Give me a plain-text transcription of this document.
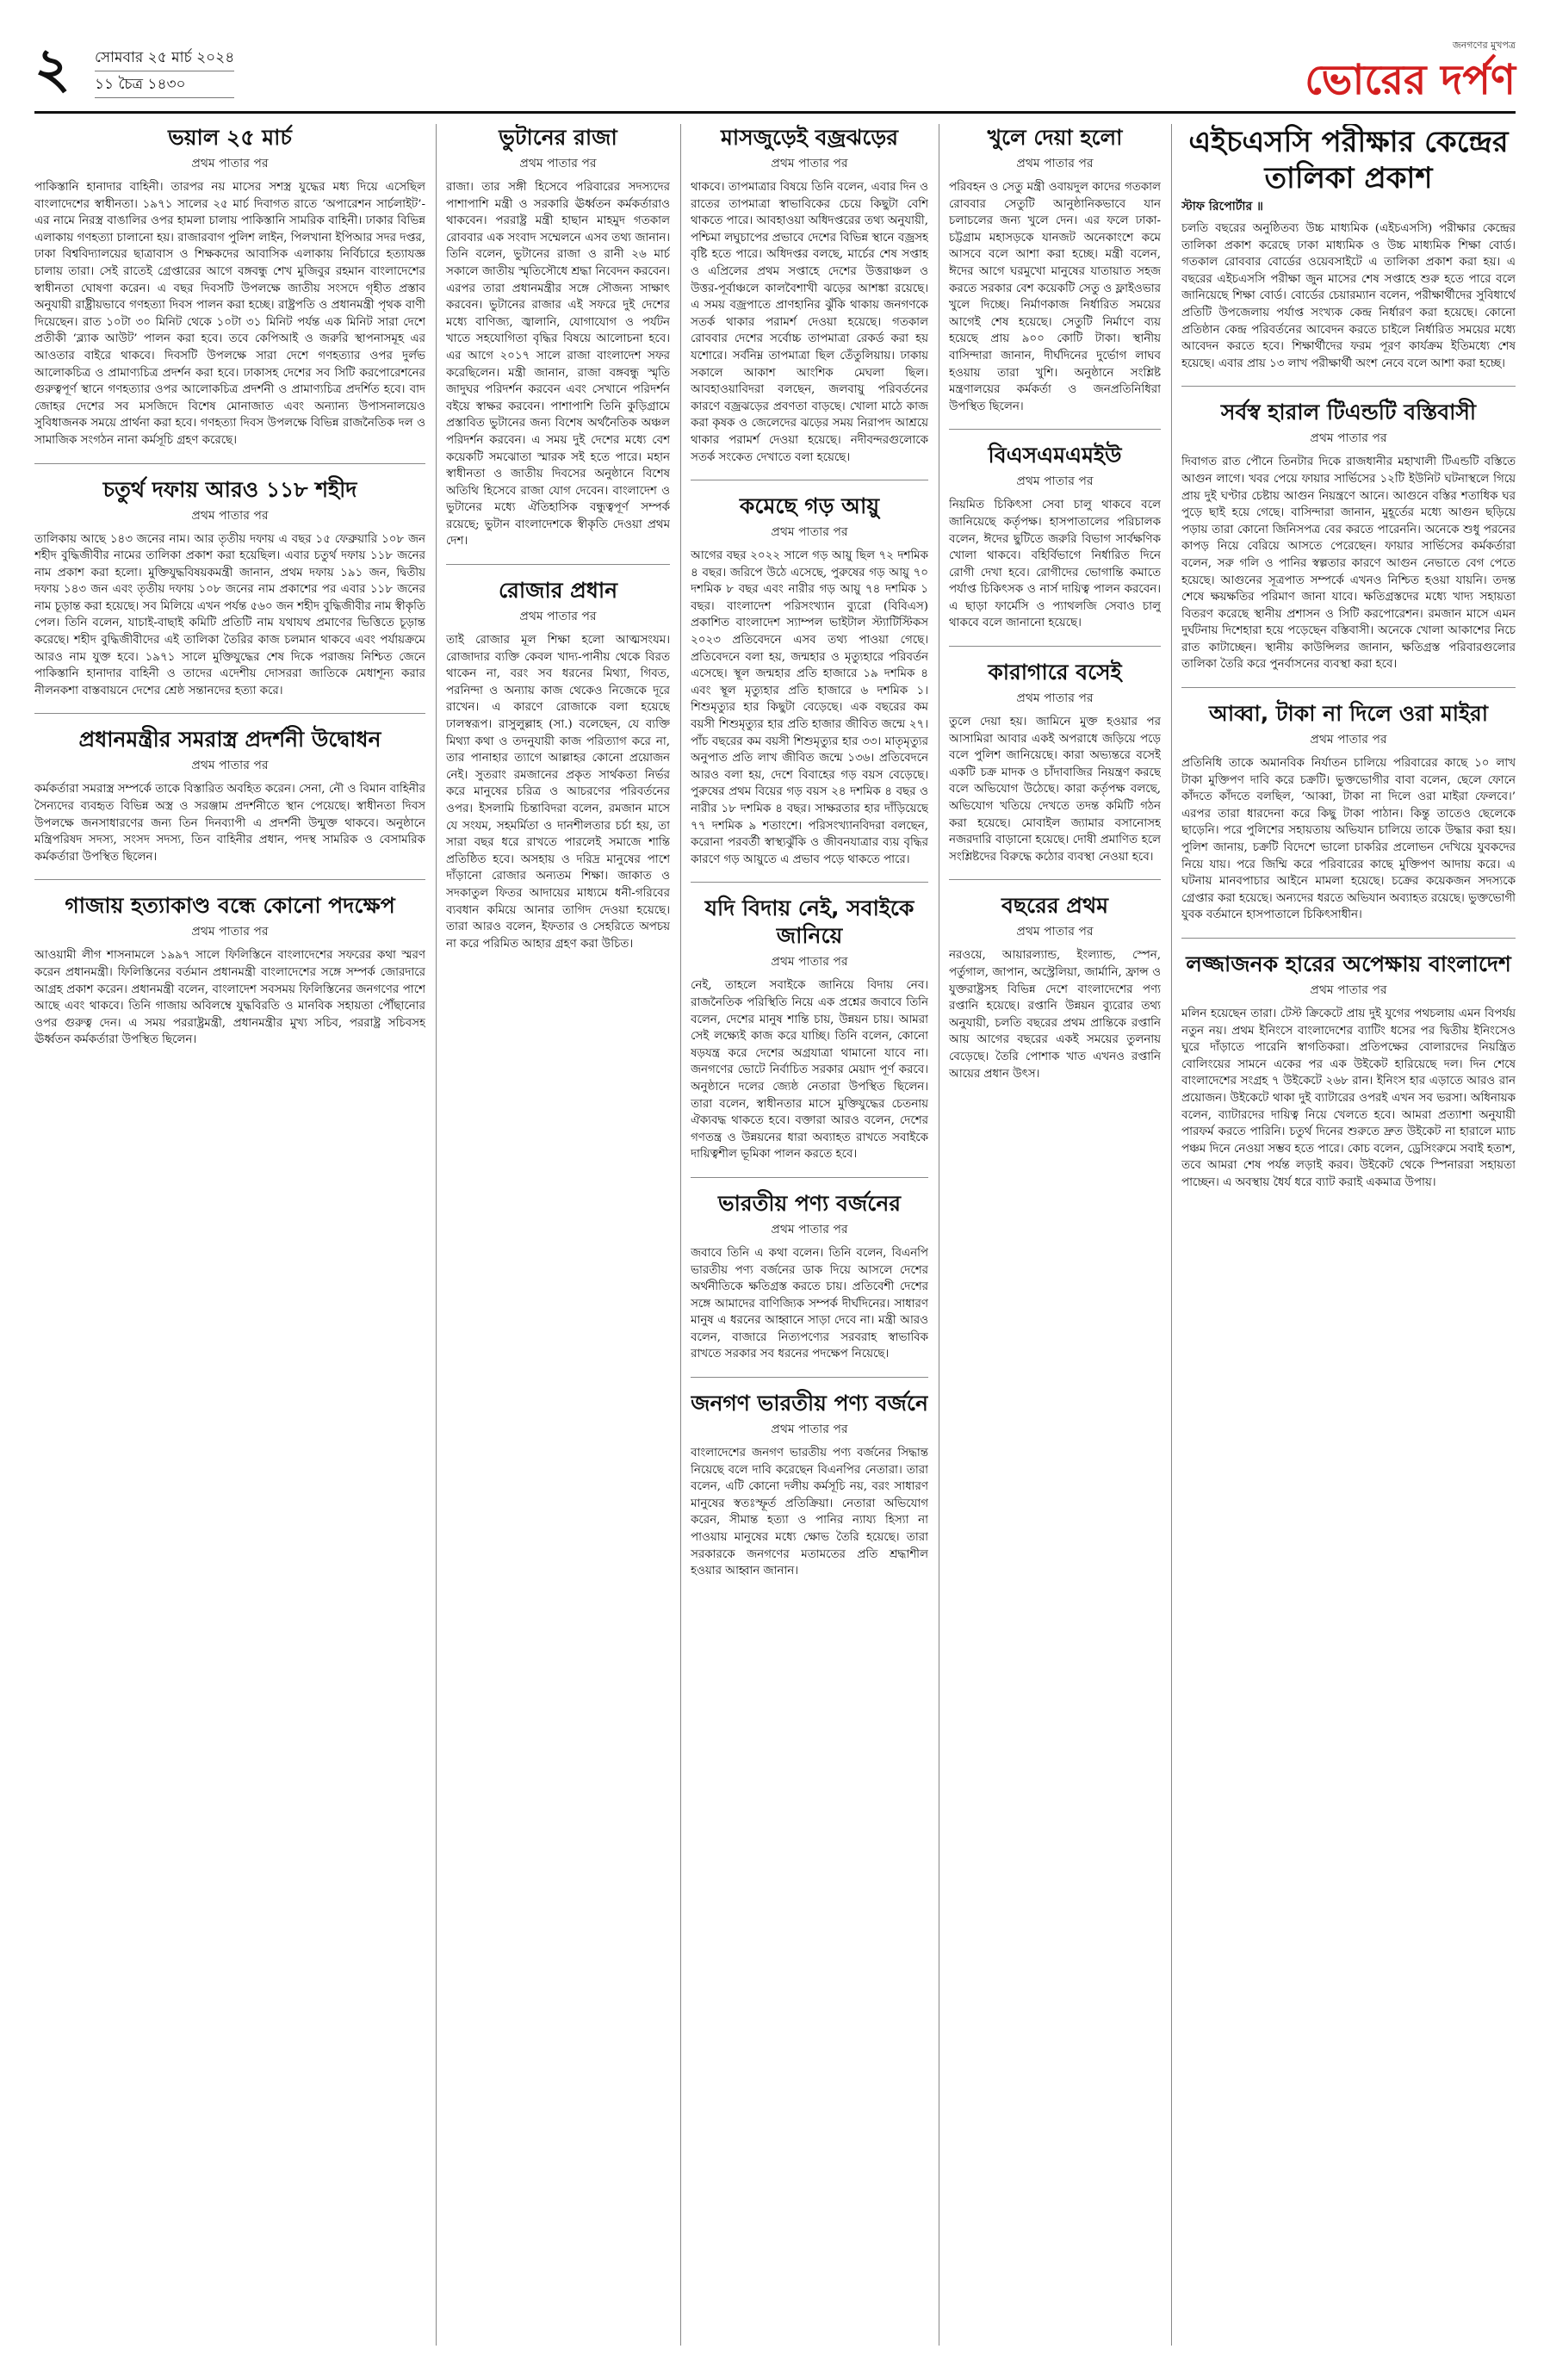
২ সোমবার ২৫ মার্চ ২০২৪
১১ চৈত্র ১৪৩০
জনগণের মুখপত্র
ভোরের দর্পণ
ভয়াল ২৫ মার্চ
প্রথম পাতার পর

পাকিস্তানি হানাদার বাহিনী। তারপর নয় মাসের সশস্ত্র যুদ্ধের মধ্য দিয়ে এসেছিল বাংলাদেশের স্বাধীনতা। ১৯৭১ সালের ২৫ মার্চ দিবাগত রাতে ‘অপারেশন সার্চলাইট’-এর নামে নিরস্ত্র বাঙালির ওপর হামলা চালায় পাকিস্তানি সামরিক বাহিনী। ঢাকার বিভিন্ন এলাকায় গণহত্যা চালানো হয়। রাজারবাগ পুলিশ লাইন, পিলখানা ইপিআর সদর দপ্তর, ঢাকা বিশ্ববিদ্যালয়ের ছাত্রাবাস ও শিক্ষকদের আবাসিক এলাকায় নির্বিচারে হত্যাযজ্ঞ চালায় তারা। সেই রাতেই গ্রেপ্তারের আগে বঙ্গবন্ধু শেখ মুজিবুর রহমান বাংলাদেশের স্বাধীনতা ঘোষণা করেন। এ বছর দিবসটি উপলক্ষে জাতীয় সংসদে গৃহীত প্রস্তাব অনুযায়ী রাষ্ট্রীয়ভাবে গণহত্যা দিবস পালন করা হচ্ছে। রাষ্ট্রপতি ও প্রধানমন্ত্রী পৃথক বাণী দিয়েছেন। রাত ১০টা ৩০ মিনিট থেকে ১০টা ৩১ মিনিট পর্যন্ত এক মিনিট সারা দেশে প্রতীকী ‘ব্ল্যাক আউট’ পালন করা হবে। তবে কেপিআই ও জরুরি স্থাপনাসমূহ এর আওতার বাইরে থাকবে। দিবসটি উপলক্ষে সারা দেশে গণহত্যার ওপর দুর্লভ আলোকচিত্র ও প্রামাণ্যচিত্র প্রদর্শন করা হবে। ঢাকাসহ দেশের সব সিটি করপোরেশনের গুরুত্বপূর্ণ স্থানে গণহত্যার ওপর আলোকচিত্র প্রদর্শনী ও প্রামাণ্যচিত্র প্রদর্শিত হবে। বাদ জোহর দেশের সব মসজিদে বিশেষ মোনাজাত এবং অন্যান্য উপাসনালয়েও সুবিধাজনক সময়ে প্রার্থনা করা হবে। গণহত্যা দিবস উপলক্ষে বিভিন্ন রাজনৈতিক দল ও সামাজিক সংগঠন নানা কর্মসূচি গ্রহণ করেছে।

চতুর্থ দফায় আরও ১১৮ শহীদ
প্রথম পাতার পর

তালিকায় আছে ১৪৩ জনের নাম। আর তৃতীয় দফায় এ বছর ১৫ ফেব্রুয়ারি ১০৮ জন শহীদ বুদ্ধিজীবীর নামের তালিকা প্রকাশ করা হয়েছিল। এবার চতুর্থ দফায় ১১৮ জনের নাম প্রকাশ করা হলো। মুক্তিযুদ্ধবিষয়কমন্ত্রী জানান, প্রথম দফায় ১৯১ জন, দ্বিতীয় দফায় ১৪৩ জন এবং তৃতীয় দফায় ১০৮ জনের নাম প্রকাশের পর এবার ১১৮ জনের নাম চূড়ান্ত করা হয়েছে। সব মিলিয়ে এখন পর্যন্ত ৫৬০ জন শহীদ বুদ্ধিজীবীর নাম স্বীকৃতি পেল। তিনি বলেন, যাচাই-বাছাই কমিটি প্রতিটি নাম যথাযথ প্রমাণের ভিত্তিতে চূড়ান্ত করেছে। শহীদ বুদ্ধিজীবীদের এই তালিকা তৈরির কাজ চলমান থাকবে এবং পর্যায়ক্রমে আরও নাম যুক্ত হবে। ১৯৭১ সালে মুক্তিযুদ্ধের শেষ দিকে পরাজয় নিশ্চিত জেনে পাকিস্তানি হানাদার বাহিনী ও তাদের এদেশীয় দোসররা জাতিকে মেধাশূন্য করার নীলনকশা বাস্তবায়নে দেশের শ্রেষ্ঠ সন্তানদের হত্যা করে।

প্রধানমন্ত্রীর সমরাস্ত্র প্রদর্শনী উদ্বোধন
প্রথম পাতার পর

কর্মকর্তারা সমরাস্ত্র সম্পর্কে তাকে বিস্তারিত অবহিত করেন। সেনা, নৌ ও বিমান বাহিনীর সৈন্যদের ব্যবহৃত বিভিন্ন অস্ত্র ও সরঞ্জাম প্রদর্শনীতে স্থান পেয়েছে। স্বাধীনতা দিবস উপলক্ষে জনসাধারণের জন্য তিন দিনব্যাপী এ প্রদর্শনী উন্মুক্ত থাকবে। অনুষ্ঠানে মন্ত্রিপরিষদ সদস্য, সংসদ সদস্য, তিন বাহিনীর প্রধান, পদস্থ সামরিক ও বেসামরিক কর্মকর্তারা উপস্থিত ছিলেন।

গাজায় হত্যাকাণ্ড বন্ধে কোনো পদক্ষেপ
প্রথম পাতার পর

আওয়ামী লীগ শাসনামলে ১৯৯৭ সালে ফিলিস্তিনে বাংলাদেশের সফরের কথা স্মরণ করেন প্রধানমন্ত্রী। ফিলিস্তিনের বর্তমান প্রধানমন্ত্রী বাংলাদেশের সঙ্গে সম্পর্ক জোরদারে আগ্রহ প্রকাশ করেন। প্রধানমন্ত্রী বলেন, বাংলাদেশ সবসময় ফিলিস্তিনের জনগণের পাশে আছে এবং থাকবে। তিনি গাজায় অবিলম্বে যুদ্ধবিরতি ও মানবিক সহায়তা পৌঁছানোর ওপর গুরুত্ব দেন। এ সময় পররাষ্ট্রমন্ত্রী, প্রধানমন্ত্রীর মুখ্য সচিব, পররাষ্ট্র সচিবসহ ঊর্ধ্বতন কর্মকর্তারা উপস্থিত ছিলেন।

ভুটানের রাজা
প্রথম পাতার পর

রাজা। তার সঙ্গী হিসেবে পরিবারের সদস্যদের পাশাপাশি মন্ত্রী ও সরকারি ঊর্ধ্বতন কর্মকর্তারাও থাকবেন। পররাষ্ট্র মন্ত্রী হাছান মাহমুদ গতকাল রোববার এক সংবাদ সম্মেলনে এসব তথ্য জানান। তিনি বলেন, ভুটানের রাজা ও রানী ২৬ মার্চ সকালে জাতীয় স্মৃতিসৌধে শ্রদ্ধা নিবেদন করবেন। এরপর তারা প্রধানমন্ত্রীর সঙ্গে সৌজন্য সাক্ষাৎ করবেন। ভুটানের রাজার এই সফরে দুই দেশের মধ্যে বাণিজ্য, জ্বালানি, যোগাযোগ ও পর্যটন খাতে সহযোগিতা বৃদ্ধির বিষয়ে আলোচনা হবে। এর আগে ২০১৭ সালে রাজা বাংলাদেশ সফর করেছিলেন। মন্ত্রী জানান, রাজা বঙ্গবন্ধু স্মৃতি জাদুঘর পরিদর্শন করবেন এবং সেখানে পরিদর্শন বইয়ে স্বাক্ষর করবেন। পাশাপাশি তিনি কুড়িগ্রামে প্রস্তাবিত ভুটানের জন্য বিশেষ অর্থনৈতিক অঞ্চল পরিদর্শন করবেন। এ সময় দুই দেশের মধ্যে বেশ কয়েকটি সমঝোতা স্মারক সই হতে পারে। মহান স্বাধীনতা ও জাতীয় দিবসের অনুষ্ঠানে বিশেষ অতিথি হিসেবে রাজা যোগ দেবেন। বাংলাদেশ ও ভুটানের মধ্যে ঐতিহাসিক বন্ধুত্বপূর্ণ সম্পর্ক রয়েছে; ভুটান বাংলাদেশকে স্বীকৃতি দেওয়া প্রথম দেশ।

রোজার প্রধান
প্রথম পাতার পর

তাই রোজার মূল শিক্ষা হলো আত্মসংযম। রোজাদার ব্যক্তি কেবল খাদ্য-পানীয় থেকে বিরত থাকেন না, বরং সব ধরনের মিথ্যা, গিবত, পরনিন্দা ও অন্যায় কাজ থেকেও নিজেকে দূরে রাখেন। এ কারণে রোজাকে বলা হয়েছে ঢালস্বরূপ। রাসুলুল্লাহ (সা.) বলেছেন, যে ব্যক্তি মিথ্যা কথা ও তদনুযায়ী কাজ পরিত্যাগ করে না, তার পানাহার ত্যাগে আল্লাহর কোনো প্রয়োজন নেই। সুতরাং রমজানের প্রকৃত সার্থকতা নির্ভর করে মানুষের চরিত্র ও আচরণের পরিবর্তনের ওপর। ইসলামি চিন্তাবিদরা বলেন, রমজান মাসে যে সংযম, সহমর্মিতা ও দানশীলতার চর্চা হয়, তা সারা বছর ধরে রাখতে পারলেই সমাজে শান্তি প্রতিষ্ঠিত হবে। অসহায় ও দরিদ্র মানুষের পাশে দাঁড়ানো রোজার অন্যতম শিক্ষা। জাকাত ও সদকাতুল ফিতর আদায়ের মাধ্যমে ধনী-গরিবের ব্যবধান কমিয়ে আনার তাগিদ দেওয়া হয়েছে। তারা আরও বলেন, ইফতার ও সেহরিতে অপচয় না করে পরিমিত আহার গ্রহণ করা উচিত।

মাসজুড়েই বজ্রঝড়ের
প্রথম পাতার পর

থাকবে। তাপমাত্রার বিষয়ে তিনি বলেন, এবার দিন ও রাতের তাপমাত্রা স্বাভাবিকের চেয়ে কিছুটা বেশি থাকতে পারে। আবহাওয়া অধিদপ্তরের তথ্য অনুযায়ী, পশ্চিমা লঘুচাপের প্রভাবে দেশের বিভিন্ন স্থানে বজ্রসহ বৃষ্টি হতে পারে। অধিদপ্তর বলছে, মার্চের শেষ সপ্তাহ ও এপ্রিলের প্রথম সপ্তাহে দেশের উত্তরাঞ্চল ও উত্তর-পূর্বাঞ্চলে কালবৈশাখী ঝড়ের আশঙ্কা রয়েছে। এ সময় বজ্রপাতে প্রাণহানির ঝুঁকি থাকায় জনগণকে সতর্ক থাকার পরামর্শ দেওয়া হয়েছে। গতকাল রোববার দেশের সর্বোচ্চ তাপমাত্রা রেকর্ড করা হয় যশোরে। সর্বনিম্ন তাপমাত্রা ছিল তেঁতুলিয়ায়। ঢাকায় সকালে আকাশ আংশিক মেঘলা ছিল। আবহাওয়াবিদরা বলছেন, জলবায়ু পরিবর্তনের কারণে বজ্রঝড়ের প্রবণতা বাড়ছে। খোলা মাঠে কাজ করা কৃষক ও জেলেদের ঝড়ের সময় নিরাপদ আশ্রয়ে থাকার পরামর্শ দেওয়া হয়েছে। নদীবন্দরগুলোকে সতর্ক সংকেত দেখাতে বলা হয়েছে।

কমেছে গড় আয়ু
প্রথম পাতার পর

আগের বছর ২০২২ সালে গড় আয়ু ছিল ৭২ দশমিক ৪ বছর। জরিপে উঠে এসেছে, পুরুষের গড় আয়ু ৭০ দশমিক ৮ বছর এবং নারীর গড় আয়ু ৭৪ দশমিক ১ বছর। বাংলাদেশ পরিসংখ্যান ব্যুরো (বিবিএস) প্রকাশিত বাংলাদেশ স্যাম্পল ভাইটাল স্ট্যাটিস্টিকস ২০২৩ প্রতিবেদনে এসব তথ্য পাওয়া গেছে। প্রতিবেদনে বলা হয়, জন্মহার ও মৃত্যুহারে পরিবর্তন এসেছে। স্থূল জন্মহার প্রতি হাজারে ১৯ দশমিক ৪ এবং স্থূল মৃত্যুহার প্রতি হাজারে ৬ দশমিক ১। শিশুমৃত্যুর হার কিছুটা বেড়েছে। এক বছরের কম বয়সী শিশুমৃত্যুর হার প্রতি হাজার জীবিত জন্মে ২৭। পাঁচ বছরের কম বয়সী শিশুমৃত্যুর হার ৩৩। মাতৃমৃত্যুর অনুপাত প্রতি লাখ জীবিত জন্মে ১৩৬। প্রতিবেদনে আরও বলা হয়, দেশে বিবাহের গড় বয়স বেড়েছে। পুরুষের প্রথম বিয়ের গড় বয়স ২৪ দশমিক ৪ বছর ও নারীর ১৮ দশমিক ৪ বছর। সাক্ষরতার হার দাঁড়িয়েছে ৭৭ দশমিক ৯ শতাংশে। পরিসংখ্যানবিদরা বলছেন, করোনা পরবর্তী স্বাস্থ্যঝুঁকি ও জীবনযাত্রার ব্যয় বৃদ্ধির কারণে গড় আয়ুতে এ প্রভাব পড়ে থাকতে পারে।

যদি বিদায় নেই, সবাইকে জানিয়ে
প্রথম পাতার পর

নেই, তাহলে সবাইকে জানিয়ে বিদায় নেব। রাজনৈতিক পরিস্থিতি নিয়ে এক প্রশ্নের জবাবে তিনি বলেন, দেশের মানুষ শান্তি চায়, উন্নয়ন চায়। আমরা সেই লক্ষ্যেই কাজ করে যাচ্ছি। তিনি বলেন, কোনো ষড়যন্ত্র করে দেশের অগ্রযাত্রা থামানো যাবে না। জনগণের ভোটে নির্বাচিত সরকার মেয়াদ পূর্ণ করবে। অনুষ্ঠানে দলের জ্যেষ্ঠ নেতারা উপস্থিত ছিলেন। তারা বলেন, স্বাধীনতার মাসে মুক্তিযুদ্ধের চেতনায় ঐক্যবদ্ধ থাকতে হবে। বক্তারা আরও বলেন, দেশের গণতন্ত্র ও উন্নয়নের ধারা অব্যাহত রাখতে সবাইকে দায়িত্বশীল ভূমিকা পালন করতে হবে।

ভারতীয় পণ্য বর্জনের
প্রথম পাতার পর

জবাবে তিনি এ কথা বলেন। তিনি বলেন, বিএনপি ভারতীয় পণ্য বর্জনের ডাক দিয়ে আসলে দেশের অর্থনীতিকে ক্ষতিগ্রস্ত করতে চায়। প্রতিবেশী দেশের সঙ্গে আমাদের বাণিজ্যিক সম্পর্ক দীর্ঘদিনের। সাধারণ মানুষ এ ধরনের আহ্বানে সাড়া দেবে না। মন্ত্রী আরও বলেন, বাজারে নিত্যপণ্যের সরবরাহ স্বাভাবিক রাখতে সরকার সব ধরনের পদক্ষেপ নিয়েছে।

জনগণ ভারতীয় পণ্য বর্জনে
প্রথম পাতার পর

বাংলাদেশের জনগণ ভারতীয় পণ্য বর্জনের সিদ্ধান্ত নিয়েছে বলে দাবি করেছেন বিএনপির নেতারা। তারা বলেন, এটি কোনো দলীয় কর্মসূচি নয়, বরং সাধারণ মানুষের স্বতঃস্ফূর্ত প্রতিক্রিয়া। নেতারা অভিযোগ করেন, সীমান্ত হত্যা ও পানির ন্যায্য হিস্যা না পাওয়ায় মানুষের মধ্যে ক্ষোভ তৈরি হয়েছে। তারা সরকারকে জনগণের মতামতের প্রতি শ্রদ্ধাশীল হওয়ার আহ্বান জানান।

খুলে দেয়া হলো
প্রথম পাতার পর

পরিবহন ও সেতু মন্ত্রী ওবায়দুল কাদের গতকাল রোববার সেতুটি আনুষ্ঠানিকভাবে যান চলাচলের জন্য খুলে দেন। এর ফলে ঢাকা-চট্টগ্রাম মহাসড়কে যানজট অনেকাংশে কমে আসবে বলে আশা করা হচ্ছে। মন্ত্রী বলেন, ঈদের আগে ঘরমুখো মানুষের যাতায়াত সহজ করতে সরকার বেশ কয়েকটি সেতু ও ফ্লাইওভার খুলে দিচ্ছে। নির্মাণকাজ নির্ধারিত সময়ের আগেই শেষ হয়েছে। সেতুটি নির্মাণে ব্যয় হয়েছে প্রায় ৯০০ কোটি টাকা। স্থানীয় বাসিন্দারা জানান, দীর্ঘদিনের দুর্ভোগ লাঘব হওয়ায় তারা খুশি। অনুষ্ঠানে সংশ্লিষ্ট মন্ত্রণালয়ের কর্মকর্তা ও জনপ্রতিনিধিরা উপস্থিত ছিলেন।

বিএসএমএমইউ
প্রথম পাতার পর

নিয়মিত চিকিৎসা সেবা চালু থাকবে বলে জানিয়েছে কর্তৃপক্ষ। হাসপাতালের পরিচালক বলেন, ঈদের ছুটিতে জরুরি বিভাগ সার্বক্ষণিক খোলা থাকবে। বহির্বিভাগে নির্ধারিত দিনে রোগী দেখা হবে। রোগীদের ভোগান্তি কমাতে পর্যাপ্ত চিকিৎসক ও নার্স দায়িত্ব পালন করবেন। এ ছাড়া ফার্মেসি ও প্যাথলজি সেবাও চালু থাকবে বলে জানানো হয়েছে।

কারাগারে বসেই
প্রথম পাতার পর

তুলে দেয়া হয়। জামিনে মুক্ত হওয়ার পর আসামিরা আবার একই অপরাধে জড়িয়ে পড়ে বলে পুলিশ জানিয়েছে। কারা অভ্যন্তরে বসেই একটি চক্র মাদক ও চাঁদাবাজির নিয়ন্ত্রণ করছে বলে অভিযোগ উঠেছে। কারা কর্তৃপক্ষ বলছে, অভিযোগ খতিয়ে দেখতে তদন্ত কমিটি গঠন করা হয়েছে। মোবাইল জ্যামার বসানোসহ নজরদারি বাড়ানো হয়েছে। দোষী প্রমাণিত হলে সংশ্লিষ্টদের বিরুদ্ধে কঠোর ব্যবস্থা নেওয়া হবে।

বছরের প্রথম
প্রথম পাতার পর

নরওয়ে, আয়ারল্যান্ড, ইংল্যান্ড, স্পেন, পর্তুগাল, জাপান, অস্ট্রেলিয়া, জার্মানি, ফ্রান্স ও যুক্তরাষ্ট্রসহ বিভিন্ন দেশে বাংলাদেশের পণ্য রপ্তানি হয়েছে। রপ্তানি উন্নয়ন ব্যুরোর তথ্য অনুযায়ী, চলতি বছরের প্রথম প্রান্তিকে রপ্তানি আয় আগের বছরের একই সময়ের তুলনায় বেড়েছে। তৈরি পোশাক খাত এখনও রপ্তানি আয়ের প্রধান উৎস।

এইচএসসি পরীক্ষার কেন্দ্রের তালিকা প্রকাশ
স্টাফ রিপোর্টার ॥

চলতি বছরের অনুষ্ঠিতব্য উচ্চ মাধ্যমিক (এইচএসসি) পরীক্ষার কেন্দ্রের তালিকা প্রকাশ করেছে ঢাকা মাধ্যমিক ও উচ্চ মাধ্যমিক শিক্ষা বোর্ড। গতকাল রোববার বোর্ডের ওয়েবসাইটে এ তালিকা প্রকাশ করা হয়। এ বছরের এইচএসসি পরীক্ষা জুন মাসের শেষ সপ্তাহে শুরু হতে পারে বলে জানিয়েছে শিক্ষা বোর্ড। বোর্ডের চেয়ারম্যান বলেন, পরীক্ষার্থীদের সুবিধার্থে প্রতিটি উপজেলায় পর্যাপ্ত সংখ্যক কেন্দ্র নির্ধারণ করা হয়েছে। কোনো প্রতিষ্ঠান কেন্দ্র পরিবর্তনের আবেদন করতে চাইলে নির্ধারিত সময়ের মধ্যে আবেদন করতে হবে। শিক্ষার্থীদের ফরম পূরণ কার্যক্রম ইতিমধ্যে শেষ হয়েছে। এবার প্রায় ১৩ লাখ পরীক্ষার্থী অংশ নেবে বলে আশা করা হচ্ছে।

সর্বস্ব হারাল টিএন্ডটি বস্তিবাসী
প্রথম পাতার পর

দিবাগত রাত পৌনে তিনটার দিকে রাজধানীর মহাখালী টিএন্ডটি বস্তিতে আগুন লাগে। খবর পেয়ে ফায়ার সার্ভিসের ১২টি ইউনিট ঘটনাস্থলে গিয়ে প্রায় দুই ঘণ্টার চেষ্টায় আগুন নিয়ন্ত্রণে আনে। আগুনে বস্তির শতাধিক ঘর পুড়ে ছাই হয়ে গেছে। বাসিন্দারা জানান, মুহূর্তের মধ্যে আগুন ছড়িয়ে পড়ায় তারা কোনো জিনিসপত্র বের করতে পারেননি। অনেকে শুধু পরনের কাপড় নিয়ে বেরিয়ে আসতে পেরেছেন। ফায়ার সার্ভিসের কর্মকর্তারা বলেন, সরু গলি ও পানির স্বল্পতার কারণে আগুন নেভাতে বেগ পেতে হয়েছে। আগুনের সূত্রপাত সম্পর্কে এখনও নিশ্চিত হওয়া যায়নি। তদন্ত শেষে ক্ষয়ক্ষতির পরিমাণ জানা যাবে। ক্ষতিগ্রস্তদের মধ্যে খাদ্য সহায়তা বিতরণ করেছে স্থানীয় প্রশাসন ও সিটি করপোরেশন। রমজান মাসে এমন দুর্ঘটনায় দিশেহারা হয়ে পড়েছেন বস্তিবাসী। অনেকে খোলা আকাশের নিচে রাত কাটাচ্ছেন। স্থানীয় কাউন্সিলর জানান, ক্ষতিগ্রস্ত পরিবারগুলোর তালিকা তৈরি করে পুনর্বাসনের ব্যবস্থা করা হবে।

আব্বা, টাকা না দিলে ওরা মাইরা
প্রথম পাতার পর

প্রতিনিধি তাকে অমানবিক নির্যাতন চালিয়ে পরিবারের কাছে ১০ লাখ টাকা মুক্তিপণ দাবি করে চক্রটি। ভুক্তভোগীর বাবা বলেন, ছেলে ফোনে কাঁদতে কাঁদতে বলছিল, ‘আব্বা, টাকা না দিলে ওরা মাইরা ফেলবে।’ এরপর তারা ধারদেনা করে কিছু টাকা পাঠান। কিন্তু তাতেও ছেলেকে ছাড়েনি। পরে পুলিশের সহায়তায় অভিযান চালিয়ে তাকে উদ্ধার করা হয়। পুলিশ জানায়, চক্রটি বিদেশে ভালো চাকরির প্রলোভন দেখিয়ে যুবকদের নিয়ে যায়। পরে জিম্মি করে পরিবারের কাছে মুক্তিপণ আদায় করে। এ ঘটনায় মানবপাচার আইনে মামলা হয়েছে। চক্রের কয়েকজন সদস্যকে গ্রেপ্তার করা হয়েছে। অন্যদের ধরতে অভিযান অব্যাহত রয়েছে। ভুক্তভোগী যুবক বর্তমানে হাসপাতালে চিকিৎসাধীন।

লজ্জাজনক হারের অপেক্ষায় বাংলাদেশ
প্রথম পাতার পর

মলিন হয়েছেন তারা। টেস্ট ক্রিকেটে প্রায় দুই যুগের পথচলায় এমন বিপর্যয় নতুন নয়। প্রথম ইনিংসে বাংলাদেশের ব্যাটিং ধসের পর দ্বিতীয় ইনিংসেও ঘুরে দাঁড়াতে পারেনি স্বাগতিকরা। প্রতিপক্ষের বোলারদের নিয়ন্ত্রিত বোলিংয়ের সামনে একের পর এক উইকেট হারিয়েছে দল। দিন শেষে বাংলাদেশের সংগ্রহ ৭ উইকেটে ২৬৮ রান। ইনিংস হার এড়াতে আরও রান প্রয়োজন। উইকেটে থাকা দুই ব্যাটারের ওপরই এখন সব ভরসা। অধিনায়ক বলেন, ব্যাটারদের দায়িত্ব নিয়ে খেলতে হবে। আমরা প্রত্যাশা অনুযায়ী পারফর্ম করতে পারিনি। চতুর্থ দিনের শুরুতে দ্রুত উইকেট না হারালে ম্যাচ পঞ্চম দিনে নেওয়া সম্ভব হতে পারে। কোচ বলেন, ড্রেসিংরুমে সবাই হতাশ, তবে আমরা শেষ পর্যন্ত লড়াই করব। উইকেট থেকে স্পিনাররা সহায়তা পাচ্ছেন। এ অবস্থায় ধৈর্য ধরে ব্যাট করাই একমাত্র উপায়।
